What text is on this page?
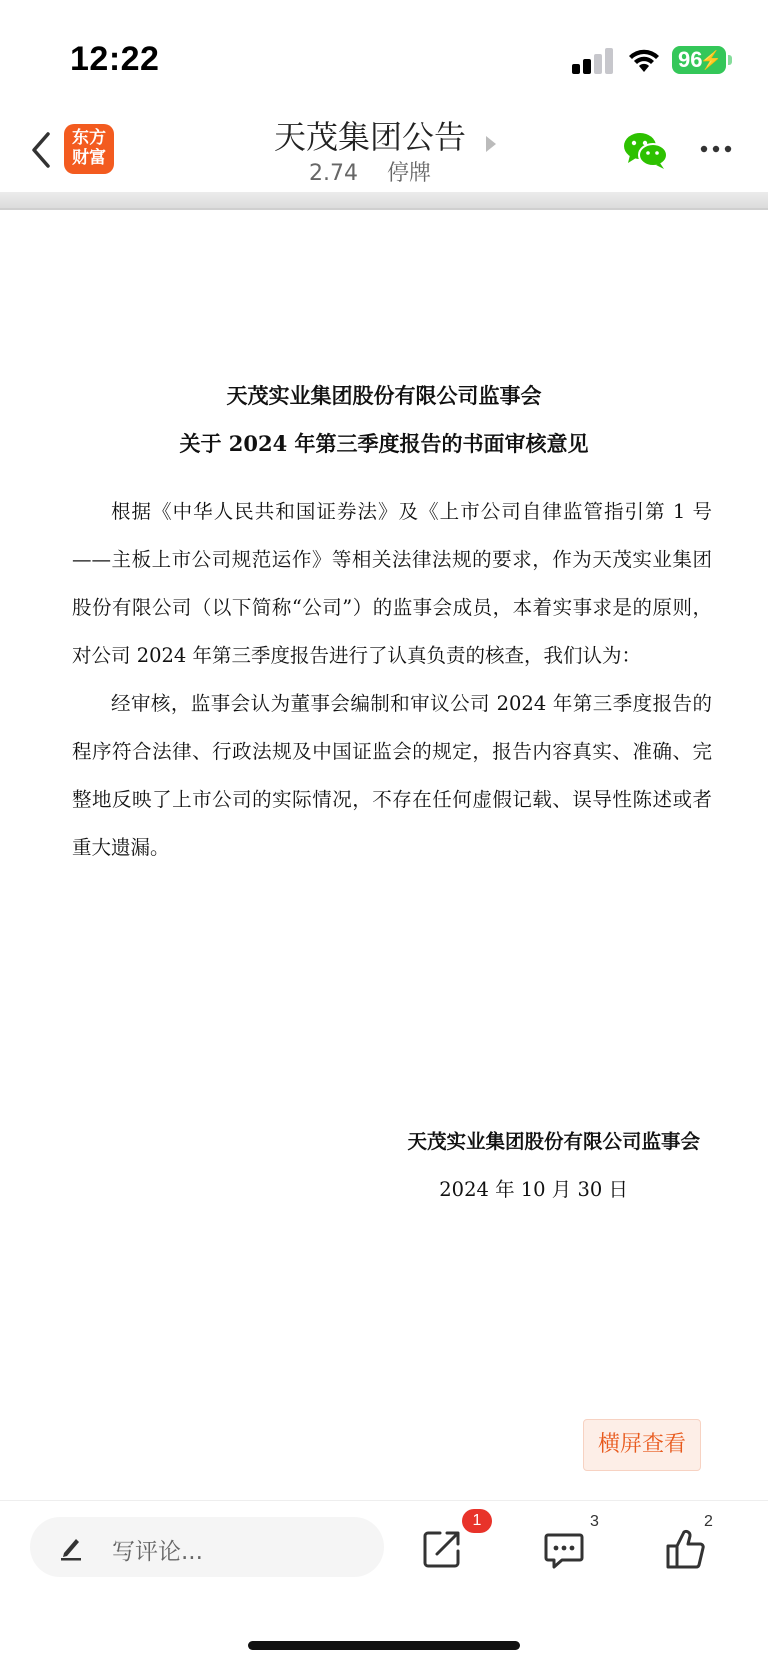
12:22	96
⚡
东方财富
天茂集团公告
2.74 停牌
天茂实业集团股份有限公司监事会
关于 2024 年第三季度报告的书面审核意见

根据《中华人民共和国证券法》及《上市公司自律监管指引第 1 号——主板上市公司规范运作》等相关法律法规的要求，作为天茂实业集团股份有限公司（以下简称“公司”）的监事会成员，本着实事求是的原则，对公司 2024 年第三季度报告进行了认真负责的核查，我们认为：

经审核，监事会认为董事会编制和审议公司 2024 年第三季度报告的程序符合法律、行政法规及中国证监会的规定，报告内容真实、准确、完整地反映了上市公司的实际情况，不存在任何虚假记载、误导性陈述或者重大遗漏。

天茂实业集团股份有限公司监事会
2024 年 10 月 30 日
横屏查看
写评论...
1	3	2
